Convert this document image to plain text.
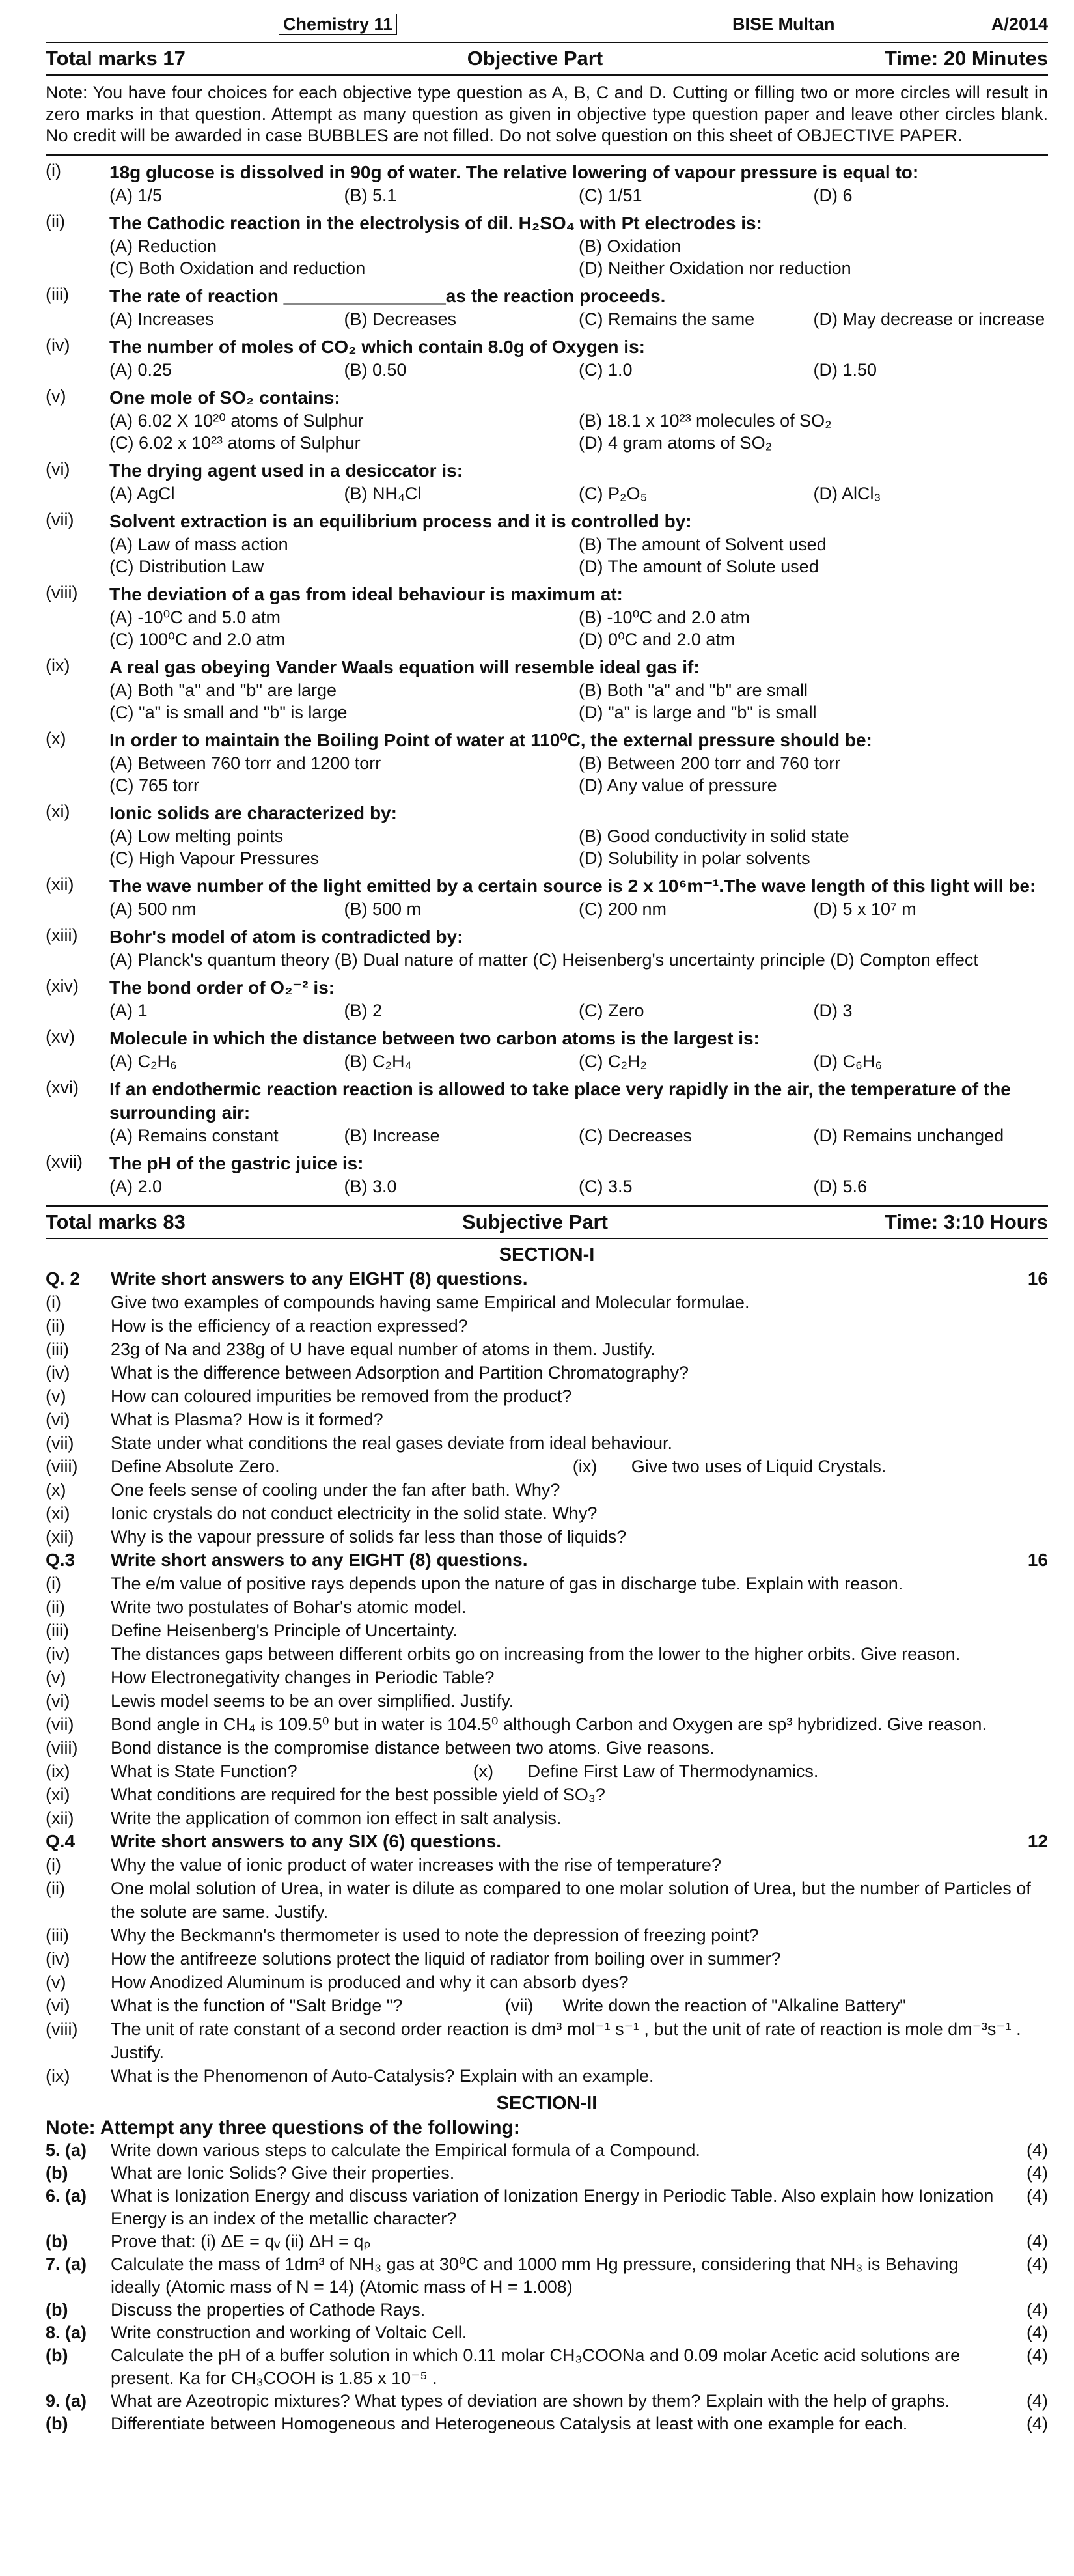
Chemistry 11	BISE Multan	A/2014
Total marks 17	Objective Part	Time: 20 Minutes
Note: You have four choices for each objective type question as A, B, C and D. Cutting or filling two or more circles will result in zero marks in that question. Attempt as many question as given in objective type question paper and leave other circles blank. No credit will be awarded in case BUBBLES are not filled. Do not solve question on this sheet of OBJECTIVE PAPER.
(i)	18g glucose is dissolved in 90g of water. The relative lowering of vapour pressure is equal to:
(A) 1/5	(B) 5.1	(C) 1/51	(D) 6
(ii)	The Cathodic reaction in the electrolysis of dil. H₂SO₄ with Pt electrodes is:
(A) Reduction	(B) Oxidation
(C) Both Oxidation and reduction	(D) Neither Oxidation nor reduction
(iii)	The rate of reaction ________________as the reaction proceeds.
(A) Increases	(B) Decreases	(C) Remains the same	(D) May decrease or increase
(iv)	The number of moles of CO₂ which contain 8.0g of Oxygen is:
(A) 0.25	(B) 0.50	(C) 1.0	(D) 1.50
(v)	One mole of SO₂ contains:
(A) 6.02 X 10²⁰ atoms of Sulphur	(B) 18.1 x 10²³ molecules of SO₂
(C) 6.02 x 10²³ atoms of Sulphur	(D) 4 gram atoms of SO₂
(vi)	The drying agent used in a desiccator is:
(A) AgCl	(B) NH₄Cl	(C) P₂O₅	(D) AlCl₃
(vii)	Solvent extraction is an equilibrium process and it is controlled by:
(A) Law of mass action	(B) The amount of Solvent used
(C) Distribution Law	(D) The amount of Solute used
(viii)	The deviation of a gas from ideal behaviour is maximum at:
(A) -10⁰C and 5.0 atm	(B) -10⁰C and 2.0 atm
(C) 100⁰C and 2.0 atm	(D) 0⁰C and 2.0 atm
(ix)	A real gas obeying Vander Waals equation will resemble ideal gas if:
(A) Both "a" and "b" are large	(B) Both "a" and "b" are small
(C) "a" is small and "b" is large	(D) "a" is large and "b" is small
(x)	In order to maintain the Boiling Point of water at 110⁰C, the external pressure should be:
(A) Between 760 torr and 1200 torr	(B) Between 200 torr and 760 torr
(C) 765 torr	(D) Any value of pressure
(xi)	Ionic solids are characterized by:
(A) Low melting points	(B) Good conductivity in solid state
(C) High Vapour Pressures	(D) Solubility in polar solvents
(xii)	The wave number of the light emitted by a certain source is 2 x 10⁶m⁻¹.The wave length of this light will be:
(A) 500 nm	(B) 500 m	(C) 200 nm	(D) 5 x 10⁷ m
(xiii)	Bohr's model of atom is contradicted by:
(A) Planck's quantum theory (B) Dual nature of matter (C) Heisenberg's uncertainty principle (D) Compton effect
(xiv)	The bond order of O₂⁻² is:
(A) 1	(B) 2	(C) Zero	(D) 3
(xv)	Molecule in which the distance between two carbon atoms is the largest is:
(A) C₂H₆	(B) C₂H₄	(C) C₂H₂	(D) C₆H₆
(xvi)	If an endothermic reaction reaction is allowed to take place very rapidly in the air, the temperature of the surrounding air:
(A) Remains constant	(B) Increase	(C) Decreases	(D) Remains unchanged
(xvii)	The pH of the gastric juice is:
(A) 2.0	(B) 3.0	(C) 3.5	(D) 5.6
Total marks 83	Subjective Part	Time: 3:10 Hours
SECTION-I
Q. 2	Write short answers to any EIGHT (8) questions.	16
(i)	Give two examples of compounds having same Empirical and Molecular formulae.
(ii)	How is the efficiency of a reaction expressed?
(iii)	23g of Na and 238g of U have equal number of atoms in them. Justify.
(iv)	What is the difference between Adsorption and Partition Chromatography?
(v)	How can coloured impurities be removed from the product?
(vi)	What is Plasma? How is it formed?
(vii)	State under what conditions the real gases deviate from ideal behaviour.
(viii)	Define Absolute Zero.                                                            (ix)       Give two uses of Liquid Crystals.
(x)	One feels sense of cooling under the fan after bath. Why?
(xi)	Ionic crystals do not conduct electricity in the solid state. Why?
(xii)	Why is the vapour pressure of solids far less than those of liquids?
Q.3	Write short answers to any EIGHT (8) questions.	16
(i)	The e/m value of positive rays depends upon the nature of gas in discharge tube. Explain with reason.
(ii)	Write two postulates of Bohar's atomic model.
(iii)	Define Heisenberg's Principle of Uncertainty.
(iv)	The distances gaps between different orbits go on increasing from the lower to the higher orbits. Give reason.
(v)	How Electronegativity changes in Periodic Table?
(vi)	Lewis model seems to be an over simplified. Justify.
(vii)	Bond angle in CH₄ is 109.5⁰ but in water is 104.5⁰ although Carbon and Oxygen are sp³ hybridized. Give reason.
(viii)	Bond distance is the compromise distance between two atoms. Give reasons.
(ix)	What is State Function?                                    (x)       Define First Law of Thermodynamics.
(xi)	What conditions are required for the best possible yield of SO₃?
(xii)	Write the application of common ion effect in salt analysis.
Q.4	Write short answers to any SIX (6) questions.	12
(i)	Why the value of ionic product of water increases with the rise of temperature?
(ii)	One molal solution of Urea, in water is dilute as compared to one molar solution of Urea, but the number of Particles of the solute are same. Justify.
(iii)	Why the Beckmann's thermometer is used to note the depression of freezing point?
(iv)	How the antifreeze solutions protect the liquid of radiator from boiling over in summer?
(v)	How Anodized Aluminum is produced and why it can absorb dyes?
(vi)	What is the function of "Salt Bridge "?                     (vii)      Write down the reaction of "Alkaline Battery"
(viii)	The unit of rate constant of a second order reaction is dm³ mol⁻¹ s⁻¹ , but the unit of rate of reaction is mole dm⁻³s⁻¹ . Justify.
(ix)	What is the Phenomenon of Auto-Catalysis? Explain with an example.
SECTION-II
Note: Attempt any three questions of the following:
5. (a)	Write down various steps to calculate the Empirical formula of a Compound.	(4)
(b)	What are Ionic Solids? Give their properties.	(4)
6. (a)	What is Ionization Energy and discuss variation of Ionization Energy in Periodic Table. Also explain how Ionization Energy is an index of the metallic character?
(4)
(b)	Prove that: (i) ΔE = qᵥ (ii) ΔH = qₚ	(4)
7. (a)	Calculate the mass of 1dm³ of NH₃ gas at 30⁰C and 1000 mm Hg pressure, considering that NH₃ is Behaving ideally (Atomic mass of N = 14) (Atomic mass of H = 1.008)
(4)
(b)	Discuss the properties of Cathode Rays.	(4)
8. (a)	Write construction and working of Voltaic Cell.	(4)
(b)	Calculate the pH of a buffer solution in which 0.11 molar CH₃COONa and 0.09 molar Acetic acid solutions are present. Ka for CH₃COOH is 1.85 x 10⁻⁵ .
(4)
9. (a)	What are Azeotropic mixtures? What types of deviation are shown by them? Explain with the help of graphs.	(4)
(b)	Differentiate between Homogeneous and Heterogeneous Catalysis at least with one example for each.	(4)
